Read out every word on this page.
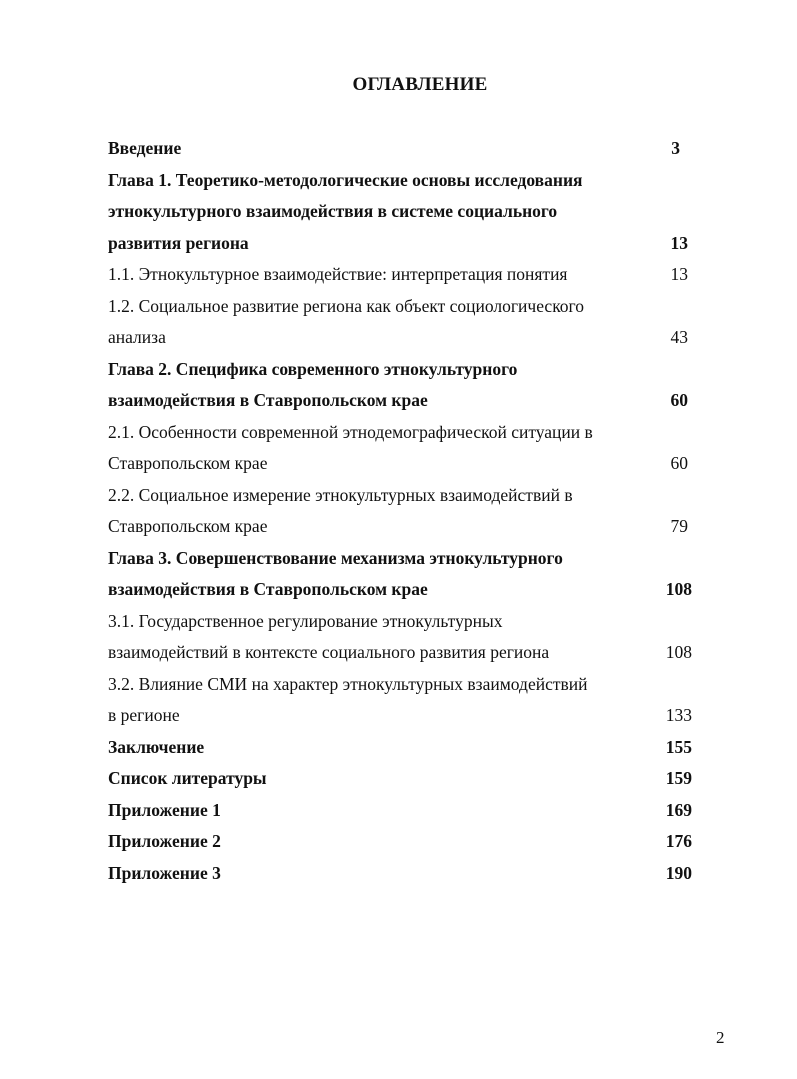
ОГЛАВЛЕНИЕ
Введение	3
Глава 1. Теоретико-методологические основы исследования
этнокультурного взаимодействия в системе социального
развития региона	13
1.1. Этнокультурное взаимодействие: интерпретация понятия	13
1.2. Социальное развитие региона как объект социологического
анализа	43
Глава 2. Специфика современного этнокультурного
взаимодействия в Ставропольском крае	60
2.1. Особенности современной этнодемографической ситуации в
Ставропольском крае	60
2.2. Социальное измерение этнокультурных взаимодействий в
Ставропольском крае	79
Глава 3. Совершенствование механизма этнокультурного
взаимодействия в Ставропольском крае	108
3.1. Государственное регулирование этнокультурных
взаимодействий в контексте социального развития региона	108
3.2. Влияние СМИ на характер этнокультурных взаимодействий
в регионе	133
Заключение	155
Список литературы	159
Приложение 1	169
Приложение 2	176
Приложение 3	190
2
